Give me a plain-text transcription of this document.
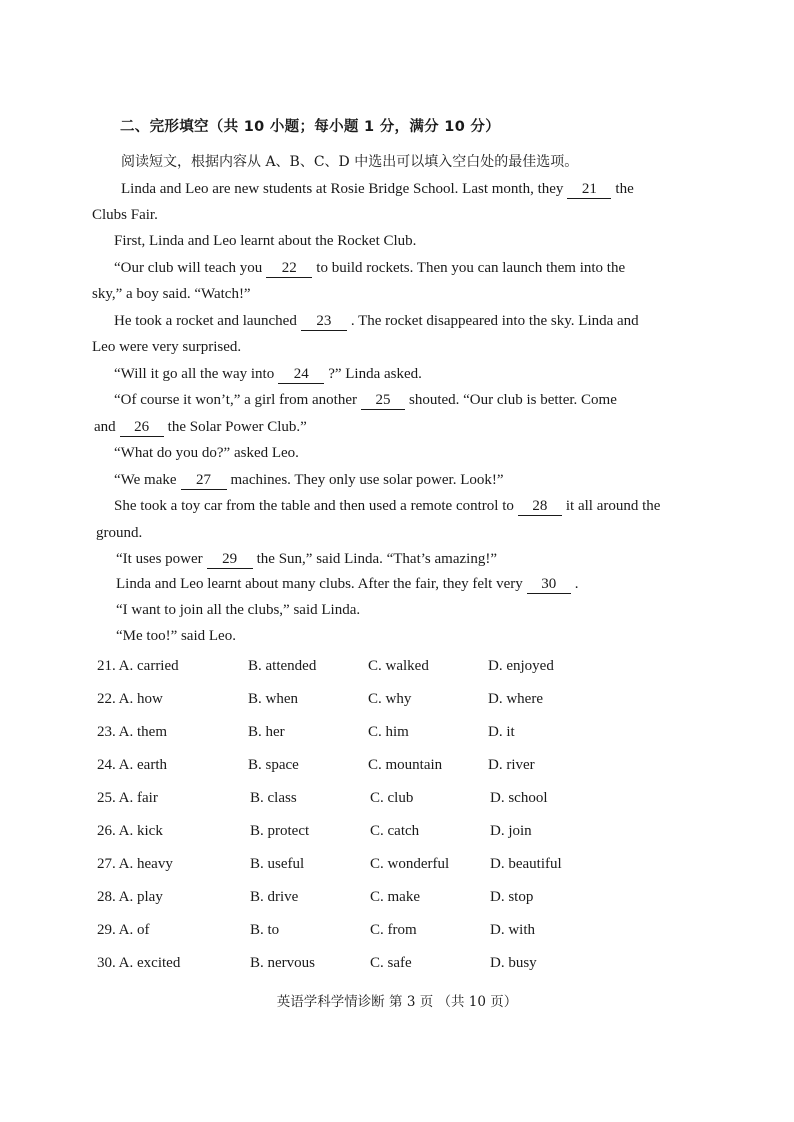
二、完形填空（共 10 小题；每小题 1 分，满分 10 分）
阅读短文，根据内容从 A、B、C、D 中选出可以填入空白处的最佳选项。
Linda and Leo are new students at Rosie Bridge School. Last month, they 21 the
Clubs Fair.
First, Linda and Leo learnt about the Rocket Club.
“Our club will teach you 22 to build rockets. Then you can launch them into the
sky,” a boy said. “Watch!”
He took a rocket and launched 23 . The rocket disappeared into the sky. Linda and
Leo were very surprised.
“Will it go all the way into 24 ?” Linda asked.
“Of course it won’t,” a girl from another 25 shouted. “Our club is better. Come
and 26 the Solar Power Club.”
“What do you do?” asked Leo.
“We make 27 machines. They only use solar power. Look!”
She took a toy car from the table and then used a remote control to 28 it all around the
ground.
“It uses power 29 the Sun,” said Linda. “That’s amazing!”
Linda and Leo learnt about many clubs. After the fair, they felt very 30 .
“I want to join all the clubs,” said Linda.
“Me too!” said Leo.
21. A. carried	B. attended	C. walked	D. enjoyed
22. A. how	B. when	C. why	D. where
23. A. them	B. her	C. him	D. it
24. A. earth	B. space	C. mountain	D. river
25. A. fair	B. class	C. club	D. school
26. A. kick	B. protect	C. catch	D. join
27. A. heavy	B. useful	C. wonderful	D. beautiful
28. A. play	B. drive	C. make	D. stop
29. A. of	B. to	C. from	D. with
30. A. excited	B. nervous	C. safe	D. busy
英语学科学情诊断 第 3 页 （共 10 页）
